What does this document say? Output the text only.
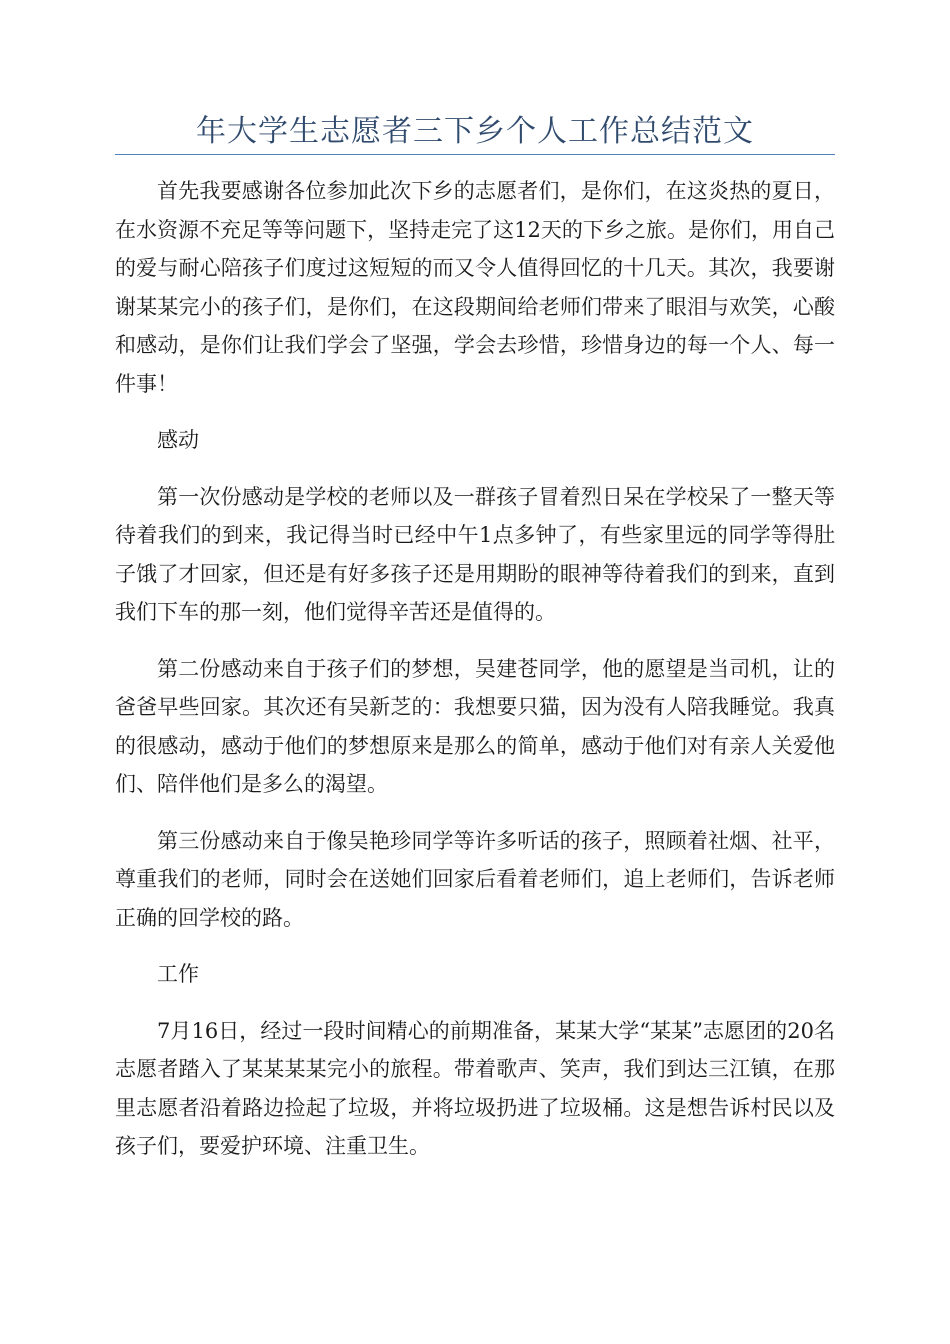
年大学生志愿者三下乡个人工作总结范文

首先我要感谢各位参加此次下乡的志愿者们，是你们，在这炎热的夏日，在水资源不充足等等问题下，坚持走完了这12天的下乡之旅。是你们，用自己的爱与耐心陪孩子们度过这短短的而又令人值得回忆的十几天。其次，我要谢谢某某完小的孩子们，是你们，在这段期间给老师们带来了眼泪与欢笑，心酸和感动，是你们让我们学会了坚强，学会去珍惜，珍惜身边的每一个人、每一件事！

感动

第一次份感动是学校的老师以及一群孩子冒着烈日呆在学校呆了一整天等待着我们的到来，我记得当时已经中午1点多钟了，有些家里远的同学等得肚子饿了才回家，但还是有好多孩子还是用期盼的眼神等待着我们的到来，直到我们下车的那一刻，他们觉得辛苦还是值得的。

第二份感动来自于孩子们的梦想，吴建苍同学，他的愿望是当司机，让的爸爸早些回家。其次还有吴新芝的：我想要只猫，因为没有人陪我睡觉。我真的很感动，感动于他们的梦想原来是那么的简单，感动于他们对有亲人关爱他们、陪伴他们是多么的渴望。

第三份感动来自于像吴艳珍同学等许多听话的孩子，照顾着社烟、社平，尊重我们的老师，同时会在送她们回家后看着老师们，追上老师们，告诉老师正确的回学校的路。

工作

7月16日，经过一段时间精心的前期准备，某某大学“某某”志愿团的20名志愿者踏入了某某某某完小的旅程。带着歌声、笑声，我们到达三江镇，在那里志愿者沿着路边捡起了垃圾，并将垃圾扔进了垃圾桶。这是想告诉村民以及孩子们，要爱护环境、注重卫生。
